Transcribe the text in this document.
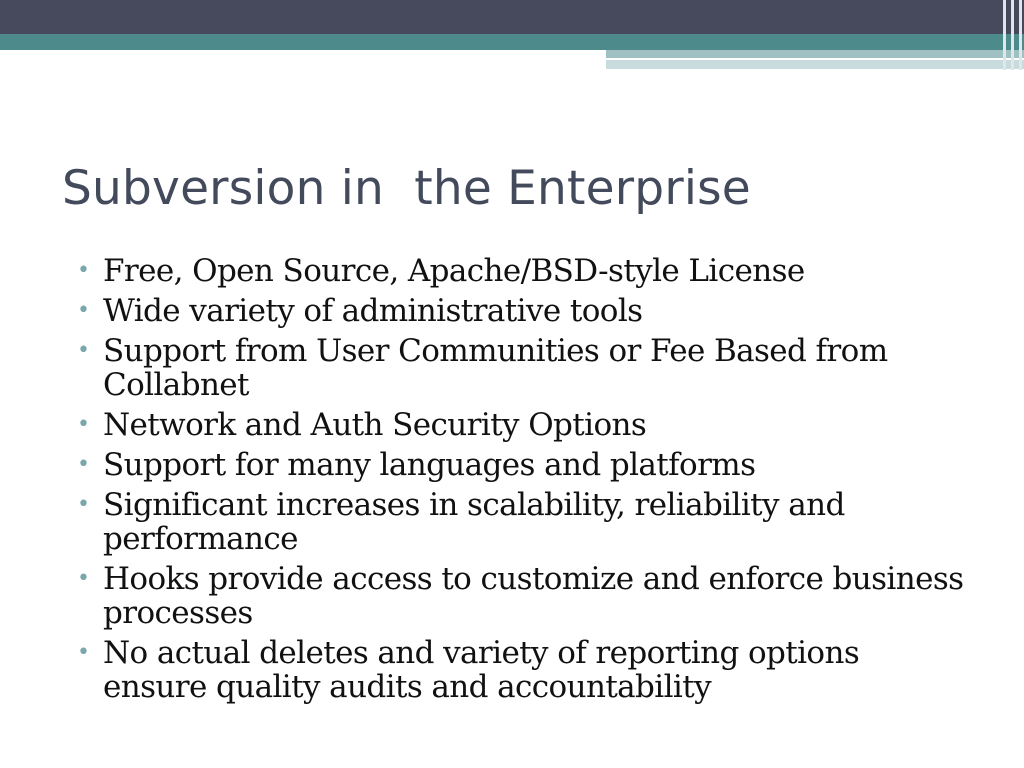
Subversion in  the Enterprise
• Free, Open Source, Apache/BSD-style License
• Wide variety of administrative tools
• Support from User Communities or Fee Based from Collabnet
• Network and Auth Security Options
• Support for many languages and platforms
• Significant increases in scalability, reliability and performance
• Hooks provide access to customize and enforce business processes
• No actual deletes and variety of reporting options ensure quality audits and accountability
